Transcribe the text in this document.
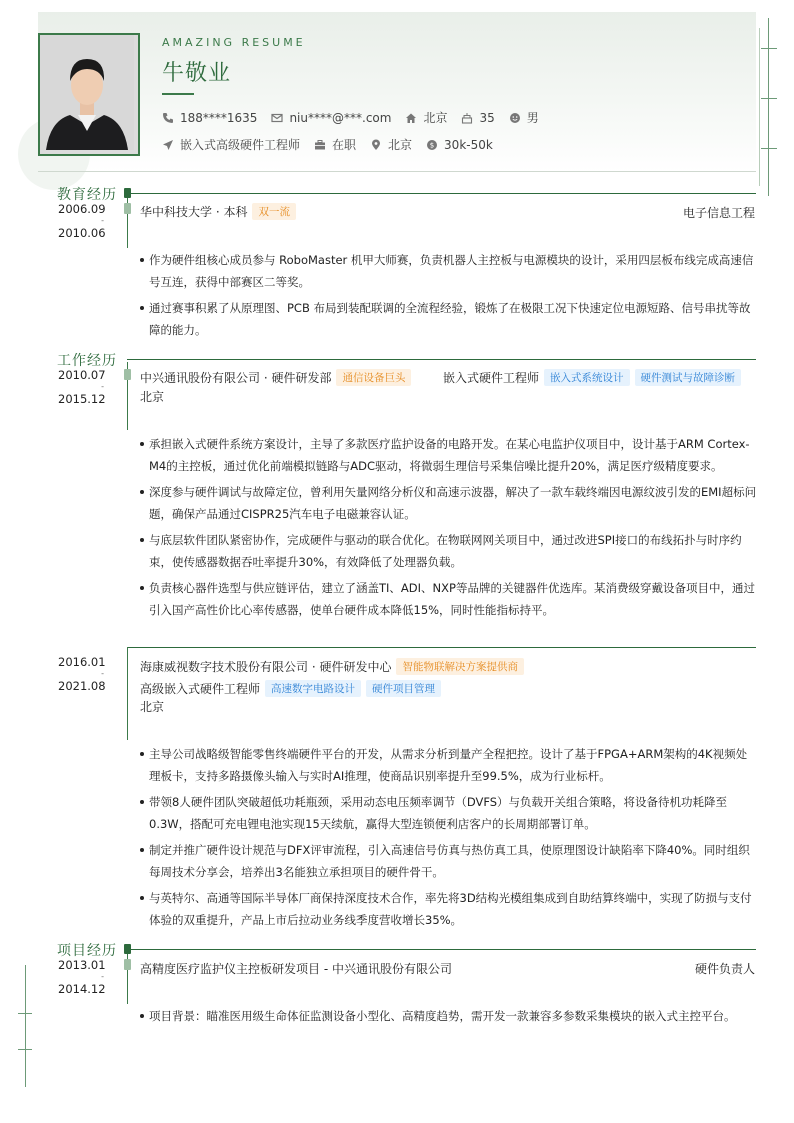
AMAZING RESUME
牛敬业
188****1635	niu****@***.com	北京	35	男
嵌入式高级硬件工程师	在职	北京	$ 30k-50k
教育经历
2006.09
-
2010.06
华中科技大学 · 本科	双一流	电子信息工程
作为硬件组核心成员参与 RoboMaster 机甲大师赛，负责机器人主控板与电源模块的设计，采用四层板布线完成高速信号互连，获得中部赛区二等奖。
通过赛事积累了从原理图、PCB 布局到装配联调的全流程经验，锻炼了在极限工况下快速定位电源短路、信号串扰等故障的能力。
工作经历
2010.07
-
2015.12
中兴通讯股份有限公司 · 硬件研发部	通信设备巨头	嵌入式硬件工程师	嵌入式系统设计	硬件测试与故障诊断
北京
承担嵌入式硬件系统方案设计，主导了多款医疗监护设备的电路开发。在某心电监护仪项目中，设计基于ARM Cortex-M4的主控板，通过优化前端模拟链路与ADC驱动，将微弱生理信号采集信噪比提升20%，满足医疗级精度要求。
深度参与硬件调试与故障定位，曾利用矢量网络分析仪和高速示波器，解决了一款车载终端因电源纹波引发的EMI超标问题，确保产品通过CISPR25汽车电子电磁兼容认证。
与底层软件团队紧密协作，完成硬件与驱动的联合优化。在物联网网关项目中，通过改进SPI接口的布线拓扑与时序约束，使传感器数据吞吐率提升30%，有效降低了处理器负载。
负责核心器件选型与供应链评估，建立了涵盖TI、ADI、NXP等品牌的关键器件优选库。某消费级穿戴设备项目中，通过引入国产高性价比心率传感器，使单台硬件成本降低15%，同时性能指标持平。
2016.01
-
2021.08
海康威视数字技术股份有限公司 · 硬件研发中心	智能物联解决方案提供商
高级嵌入式硬件工程师	高速数字电路设计	硬件项目管理
北京
主导公司战略级智能零售终端硬件平台的开发，从需求分析到量产全程把控。设计了基于FPGA+ARM架构的4K视频处理板卡，支持多路摄像头输入与实时AI推理，使商品识别率提升至99.5%，成为行业标杆。
带领8人硬件团队突破超低功耗瓶颈，采用动态电压频率调节（DVFS）与负载开关组合策略，将设备待机功耗降至0.3W，搭配可充电锂电池实现15天续航，赢得大型连锁便利店客户的长周期部署订单。
制定并推广硬件设计规范与DFX评审流程，引入高速信号仿真与热仿真工具，使原理图设计缺陷率下降40%。同时组织每周技术分享会，培养出3名能独立承担项目的硬件骨干。
与英特尔、高通等国际半导体厂商保持深度技术合作，率先将3D结构光模组集成到自助结算终端中，实现了防损与支付体验的双重提升，产品上市后拉动业务线季度营收增长35%。
项目经历
2013.01
-
2014.12
高精度医疗监护仪主控板研发项目 - 中兴通讯股份有限公司	硬件负责人
项目背景：瞄准医用级生命体征监测设备小型化、高精度趋势，需开发一款兼容多参数采集模块的嵌入式主控平台。
